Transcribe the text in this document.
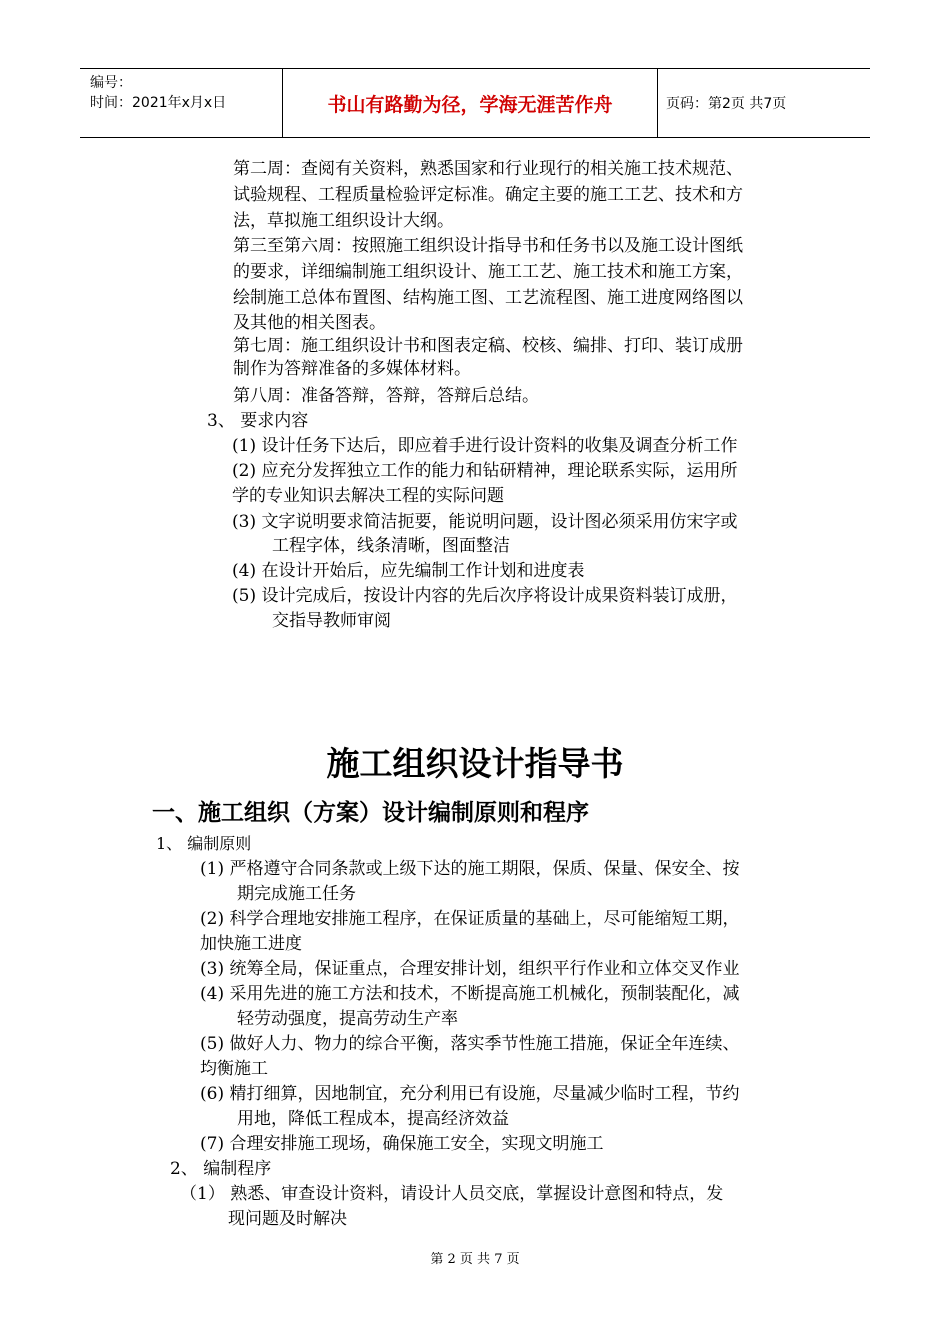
编号：
时间：2021年x月x日	书山有路勤为径，学海无涯苦作舟	页码：第2页 共7页
第二周：查阅有关资料，熟悉国家和行业现行的相关施工技术规范、
试验规程、工程质量检验评定标准。确定主要的施工工艺、技术和方
法，草拟施工组织设计大纲。
第三至第六周：按照施工组织设计指导书和任务书以及施工设计图纸
的要求，详细编制施工组织设计、施工工艺、施工技术和施工方案，
绘制施工总体布置图、结构施工图、工艺流程图、施工进度网络图以
及其他的相关图表。
第七周：施工组织设计书和图表定稿、校核、编排、打印、装订成册
制作为答辩准备的多媒体材料。
第八周：准备答辩，答辩，答辩后总结。
3、 要求内容
(1) 设计任务下达后，即应着手进行设计资料的收集及调查分析工作
(2) 应充分发挥独立工作的能力和钻研精神，理论联系实际，运用所
学的专业知识去解决工程的实际问题
(3) 文字说明要求简洁扼要，能说明问题，设计图必须采用仿宋字或
工程字体，线条清晰，图面整洁
(4) 在设计开始后，应先编制工作计划和进度表
(5) 设计完成后，按设计内容的先后次序将设计成果资料装订成册，
交指导教师审阅
施工组织设计指导书
一、施工组织（方案）设计编制原则和程序
1、 编制原则
(1) 严格遵守合同条款或上级下达的施工期限，保质、保量、保安全、按
期完成施工任务
(2) 科学合理地安排施工程序，在保证质量的基础上，尽可能缩短工期，
加快施工进度
(3) 统筹全局，保证重点，合理安排计划，组织平行作业和立体交叉作业
(4) 采用先进的施工方法和技术，不断提高施工机械化，预制装配化，减
轻劳动强度，提高劳动生产率
(5) 做好人力、物力的综合平衡，落实季节性施工措施，保证全年连续、
均衡施工
(6) 精打细算，因地制宜，充分利用已有设施，尽量减少临时工程，节约
用地，降低工程成本，提高经济效益
(7) 合理安排施工现场，确保施工安全，实现文明施工
2、 编制程序
（1） 熟悉、审查设计资料，请设计人员交底，掌握设计意图和特点，发
现问题及时解决
第 2 页 共 7 页
